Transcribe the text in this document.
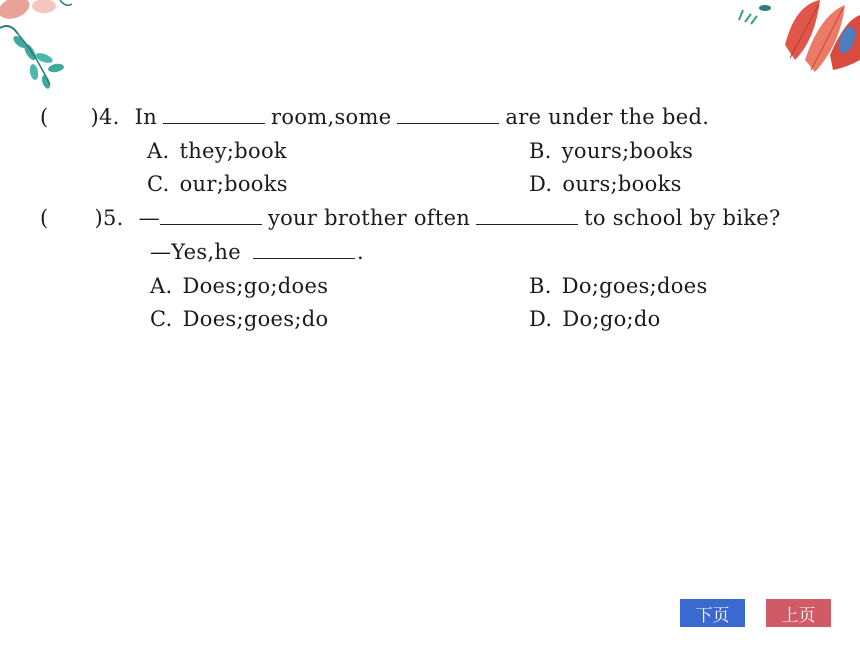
( )4. In	room,some	are under the bed.
A. they;book	B. yours;books
C. our;books	D. ours;books
( )5. —	your brother often	to school by bike?
—Yes,he	.
A. Does;go;does	B. Do;goes;does
C. Does;goes;do	D. Do;go;do
下页	上页
